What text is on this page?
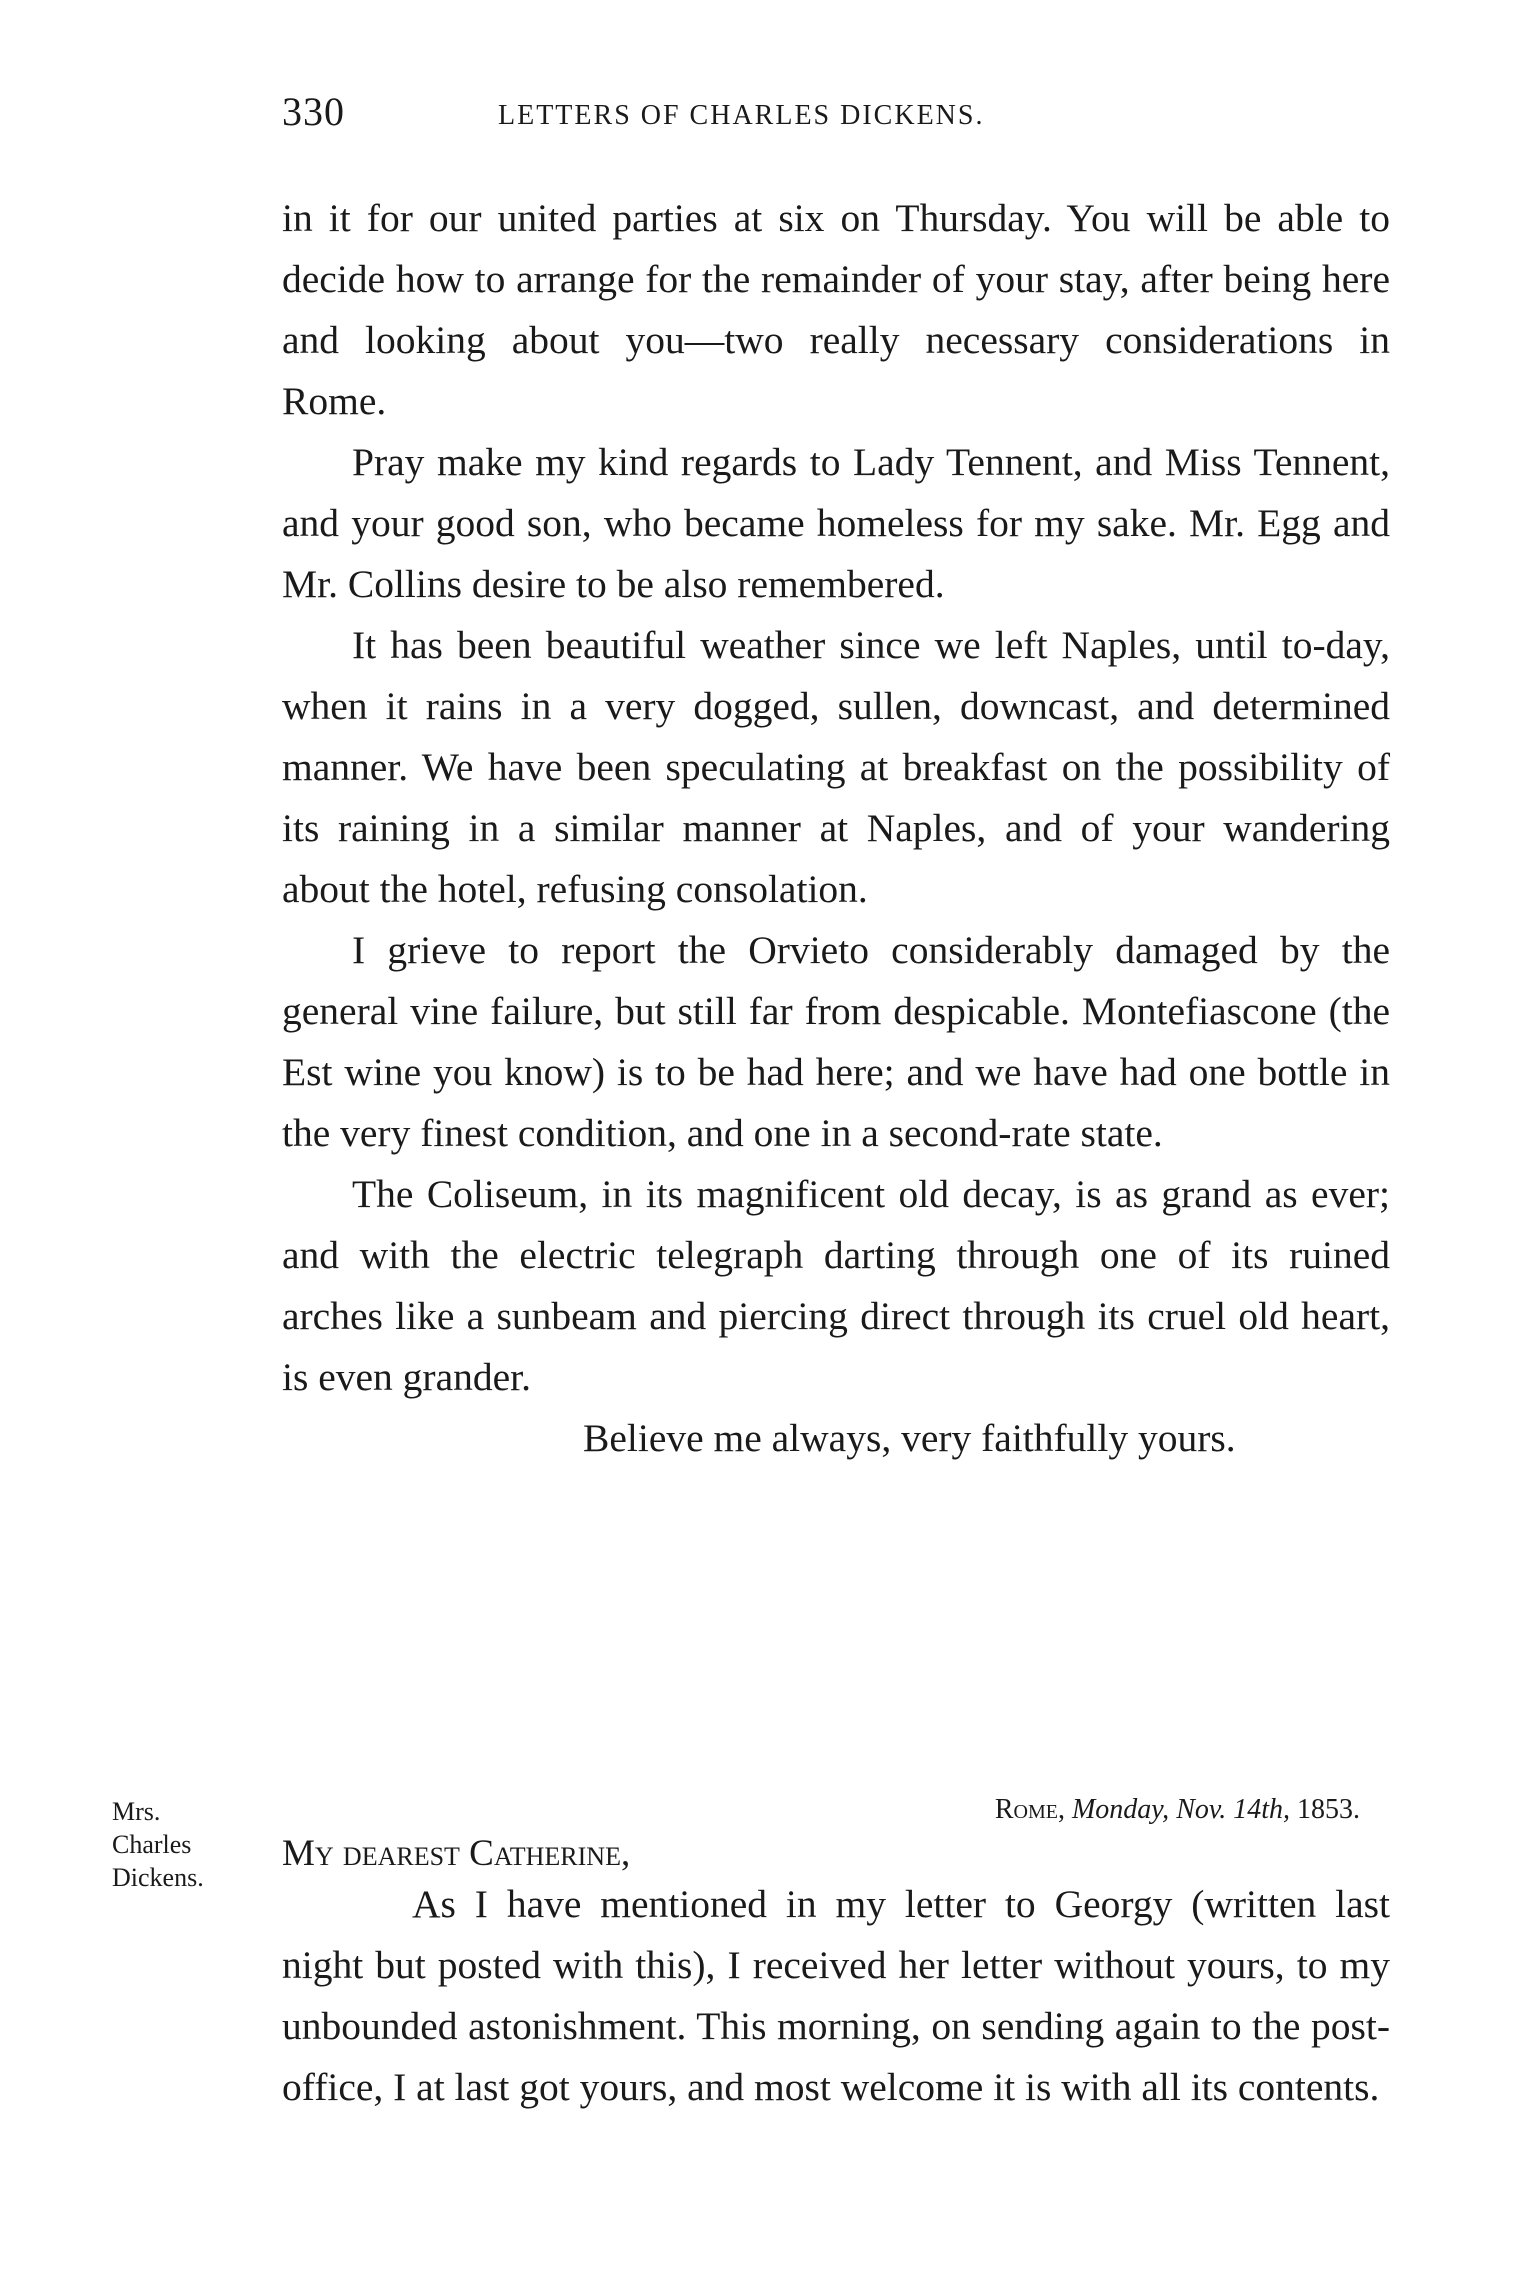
330	LETTERS OF CHARLES DICKENS.

in it for our united parties at six on Thursday. You will be able to decide how to arrange for the remainder of your stay, after being here and looking about you—two really necessary considerations in Rome.

Pray make my kind regards to Lady Tennent, and Miss Tennent, and your good son, who became homeless for my sake. Mr. Egg and Mr. Collins desire to be also remembered.

It has been beautiful weather since we left Naples, until to-day, when it rains in a very dogged, sullen, downcast, and determined manner. We have been speculating at breakfast on the possibility of its raining in a similar manner at Naples, and of your wandering about the hotel, refusing consolation.

I grieve to report the Orvieto considerably damaged by the general vine failure, but still far from despicable. Montefiascone (the Est wine you know) is to be had here; and we have had one bottle in the very finest condition, and one in a second-rate state.

The Coliseum, in its magnificent old decay, is as grand as ever; and with the electric telegraph darting through one of its ruined arches like a sunbeam and piercing direct through its cruel old heart, is even grander.

Believe me always, very faithfully yours.

Mrs.
Charles
Dickens.
Rome, Monday, Nov. 14th, 1853.
My dearest Catherine,

As I have mentioned in my letter to Georgy (written last night but posted with this), I received her letter without yours, to my unbounded astonishment. This morning, on sending again to the post-office, I at last got yours, and most welcome it is with all its contents.
